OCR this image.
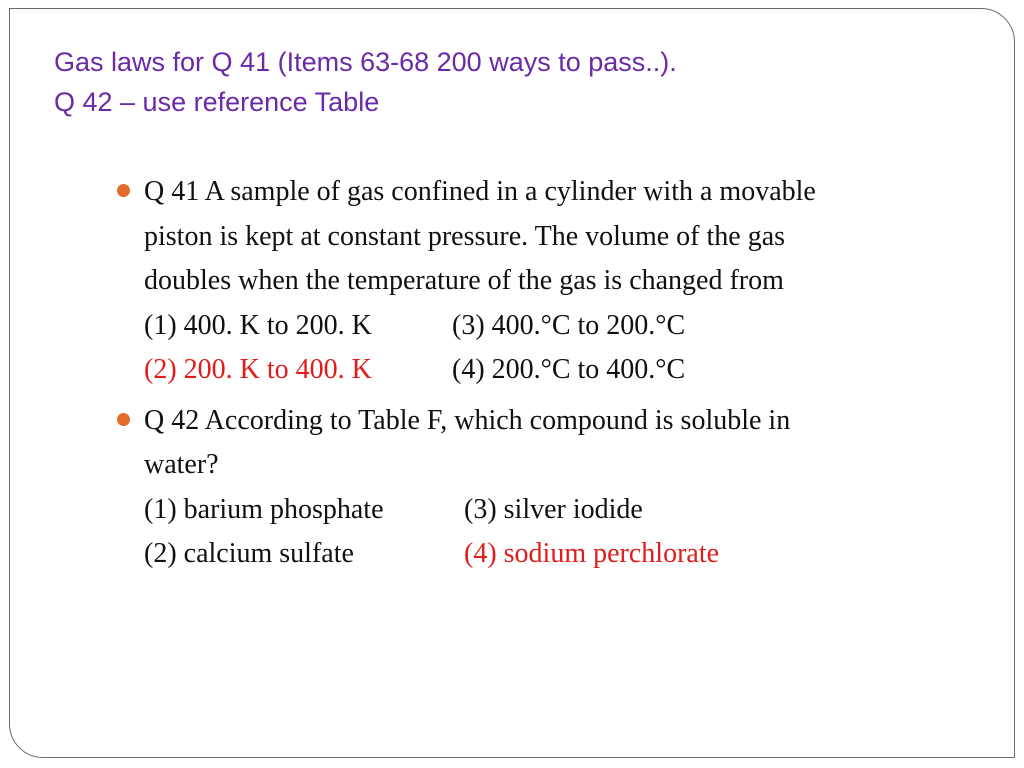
Gas laws for Q 41 (Items 63-68 200 ways to pass..).
Q 42 – use reference Table
Q 41 A sample of gas confined in a cylinder with a movable
piston is kept at constant pressure. The volume of the gas
doubles when the temperature of the gas is changed from
(1) 400. K to 200. K	(3) 400.°C to 200.°C
(2) 200. K to 400. K	(4) 200.°C to 400.°C
Q 42 According to Table F, which compound is soluble in
water?
(1) barium phosphate	(3) silver iodide
(2) calcium sulfate	(4) sodium perchlorate
